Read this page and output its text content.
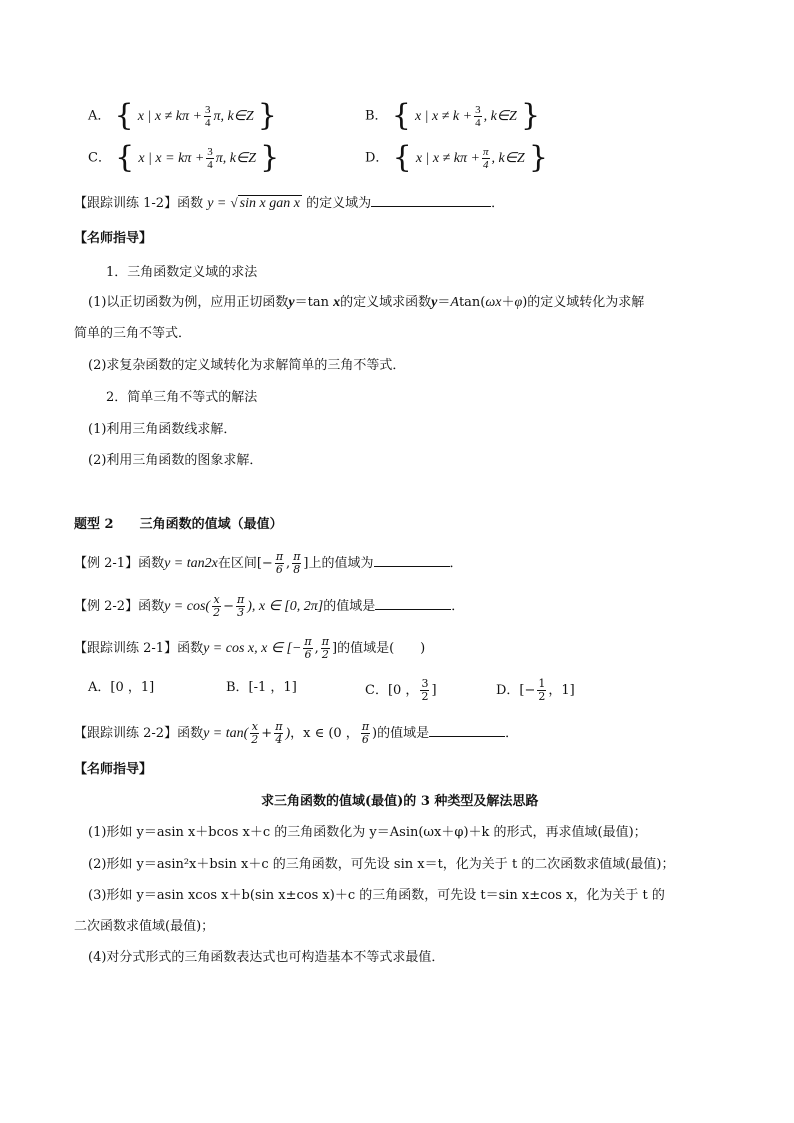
A． { x | $x \ne k\pi + \frac{3}{4} \pi$, k∈Z }	B． { x | $x \ne k + \frac{3}{4}$ , k∈Z }
C． { x | $x = k\pi + \frac{3}{4} \pi$, k∈Z }	D． { x | $x \ne k\pi + \frac{\pi}{4}$ , k∈Z }
【跟踪训练 1-2】函数 y = √ sin x gan x 的定义域为	．
【名师指导】
1．三角函数定义域的求法
(1)以正切函数为例，应用正切函数y＝tan x的定义域求函数y＝Atan(ωx＋φ)的定义域转化为求解
简单的三角不等式．
(2)求复杂函数的定义域转化为求解简单的三角不等式．
2．简单三角不等式的解法
(1)利用三角函数线求解．
(2)利用三角函数的图象求解．
题型 2　　三角函数的值域（最值）
【例 2-1】函数y = tan2x在区间[− $\frac{\pi}{6}$ , $\frac{\pi}{8}$ ]上的值域为	．
【例 2-2】函数$y = \cos( \frac{x}{2} - \frac{\pi}{3}$ ), x ∈ [0, 2π]的值域是	．
【跟踪训练 2-1】函数y = cos x, x ∈ [− $\frac{\pi}{6}$ , $\frac{\pi}{2}$ ]的值域是(　　)
A．[0 ，1]	B．[-1 ，1]	C．[0 ， $\frac{3}{2}$ ]	D．[− $\frac{1}{2}$ ，1]
【跟踪训练 2-2】函数$y = \tan( \frac{x}{2} + \frac{\pi}{4}$ )，x ∈ (0 ， $\frac{\pi}{6}$ )的值域是	．
【名师指导】
求三角函数的值域(最值)的 3 种类型及解法思路
(1)形如 y＝asin x＋bcos x＋c 的三角函数化为 y＝Asin(ωx＋φ)＋k 的形式，再求值域(最值)；
(2)形如 y＝asin²x＋bsin x＋c 的三角函数，可先设 sin x＝t，化为关于 t 的二次函数求值域(最值)；
(3)形如 y＝asin xcos x＋b(sin x±cos x)＋c 的三角函数，可先设 t＝sin x±cos x，化为关于 t 的
二次函数求值域(最值)；
(4)对分式形式的三角函数表达式也可构造基本不等式求最值．
